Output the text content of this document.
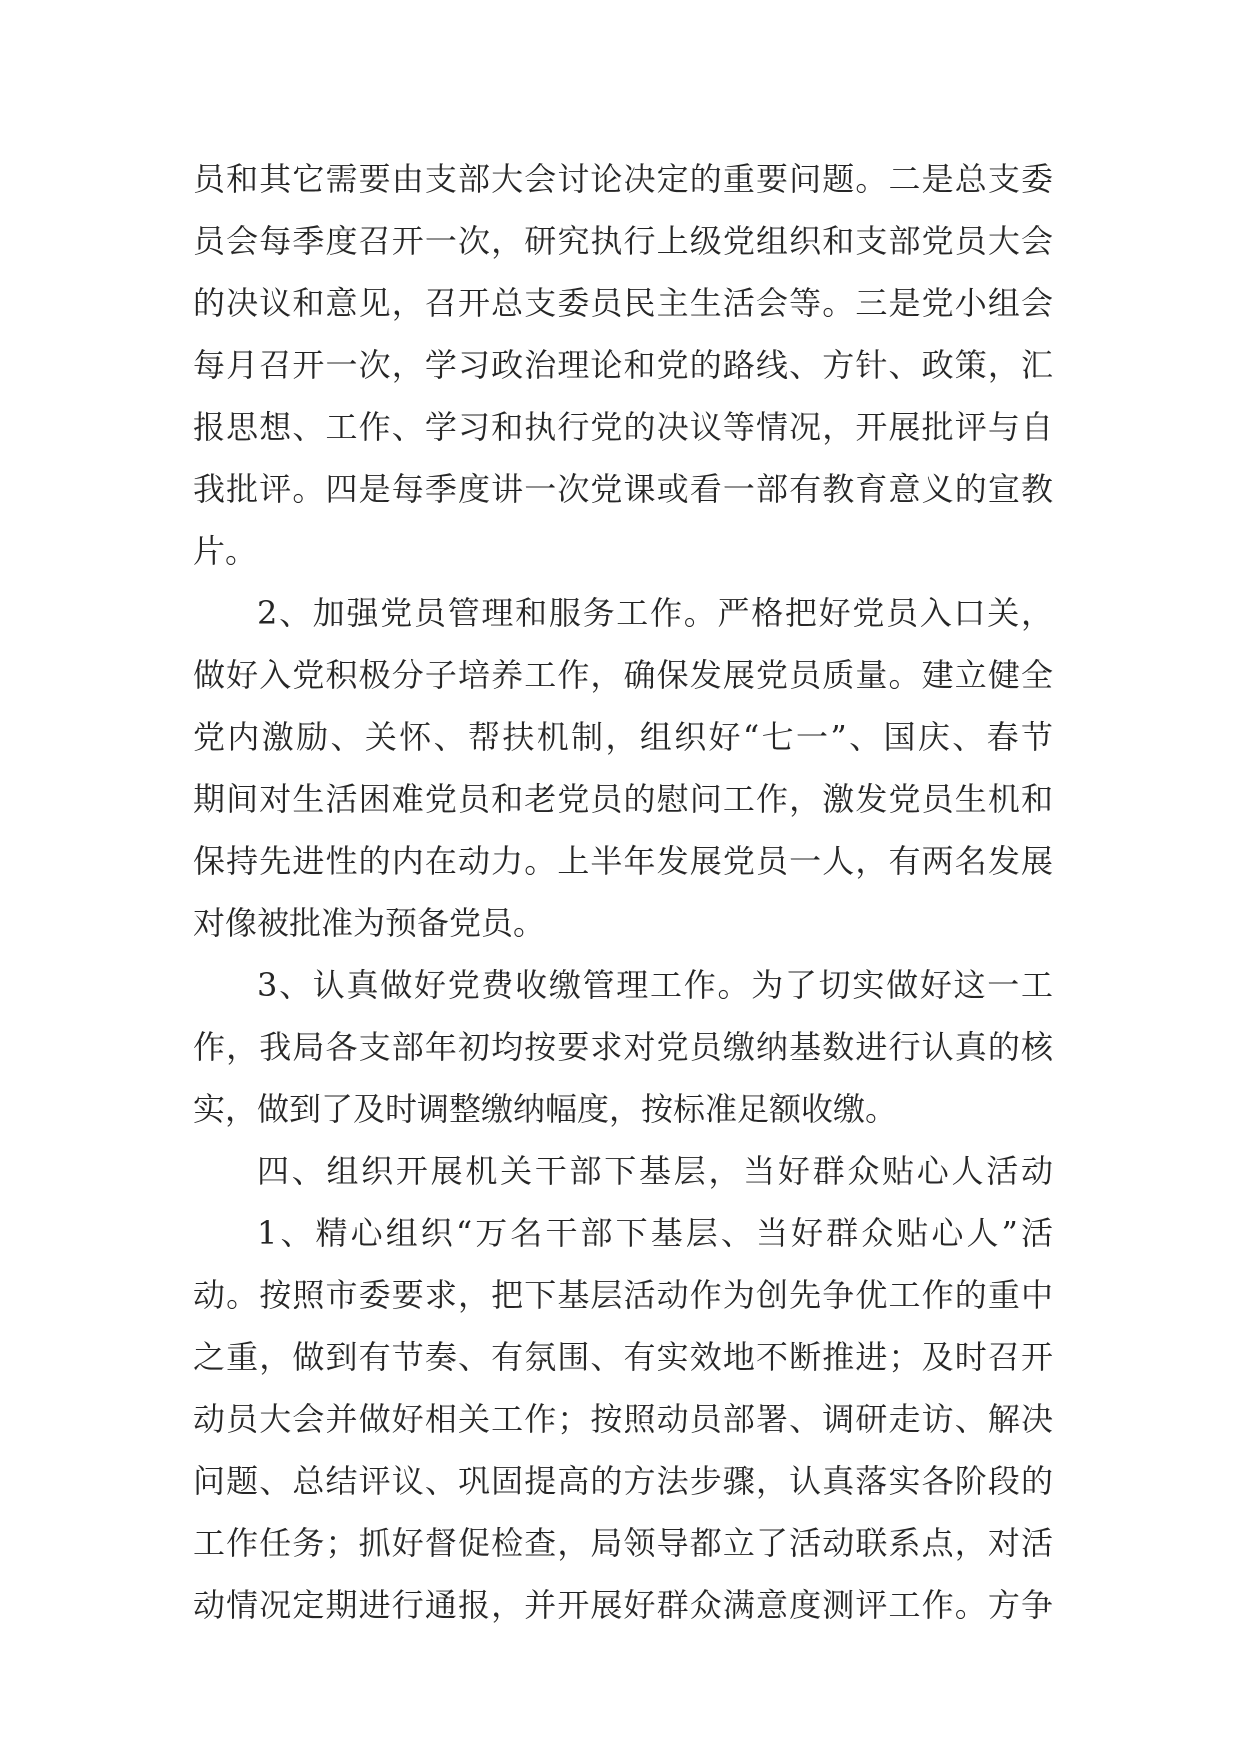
员和其它需要由支部大会讨论决定的重要问题。二是总支委
员会每季度召开一次，研究执行上级党组织和支部党员大会
的决议和意见，召开总支委员民主生活会等。三是党小组会
每月召开一次，学习政治理论和党的路线、方针、政策，汇
报思想、工作、学习和执行党的决议等情况，开展批评与自
我批评。四是每季度讲一次党课或看一部有教育意义的宣教
片。
2、加强党员管理和服务工作。严格把好党员入口关，
做好入党积极分子培养工作，确保发展党员质量。建立健全
党内激励、关怀、帮扶机制，组织好“七一”、国庆、春节
期间对生活困难党员和老党员的慰问工作，激发党员生机和
保持先进性的内在动力。上半年发展党员一人，有两名发展
对像被批准为预备党员。
3、认真做好党费收缴管理工作。为了切实做好这一工
作，我局各支部年初均按要求对党员缴纳基数进行认真的核
实，做到了及时调整缴纳幅度，按标准足额收缴。
四、组织开展机关干部下基层，当好群众贴心人活动
1、精心组织“万名干部下基层、当好群众贴心人”活
动。按照市委要求，把下基层活动作为创先争优工作的重中
之重，做到有节奏、有氛围、有实效地不断推进；及时召开
动员大会并做好相关工作；按照动员部署、调研走访、解决
问题、总结评议、巩固提高的方法步骤，认真落实各阶段的
工作任务；抓好督促检查，局领导都立了活动联系点，对活
动情况定期进行通报，并开展好群众满意度测评工作。方争
